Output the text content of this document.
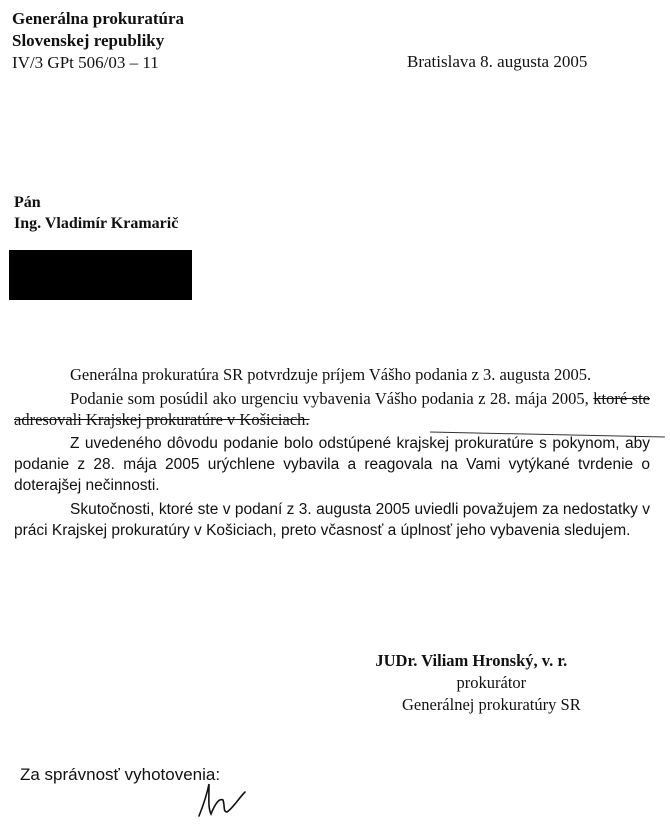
Generálna prokuratúra
Slovenskej republiky
IV/3 GPt 506/03 – 11	Bratislava 8. augusta 2005
Pán
Ing. Vladimír Kramarič

Generálna prokuratúra SR potvrdzuje príjem Vášho podania z 3. augusta 2005.

Podanie som posúdil ako urgenciu vybavenia Vášho podania z 28. mája 2005, ktoré ste adresovali Krajskej prokuratúre v Košiciach.

Z uvedeného dôvodu podanie bolo odstúpené krajskej prokuratúre s pokynom, aby podanie z 28. mája 2005 urýchlene vybavila a reagovala na Vami vytýkané tvrdenie o doterajšej nečinnosti.

Skutočnosti, ktoré ste v podaní z 3. augusta 2005 uviedli považujem za nedostatky v práci Krajskej prokuratúry v Košiciach, preto včasnosť a úplnosť jeho vybavenia sledujem.

JUDr. Viliam Hronský, v. r.
prokurátor
Generálnej prokuratúry SR
Za správnosť vyhotovenia:
